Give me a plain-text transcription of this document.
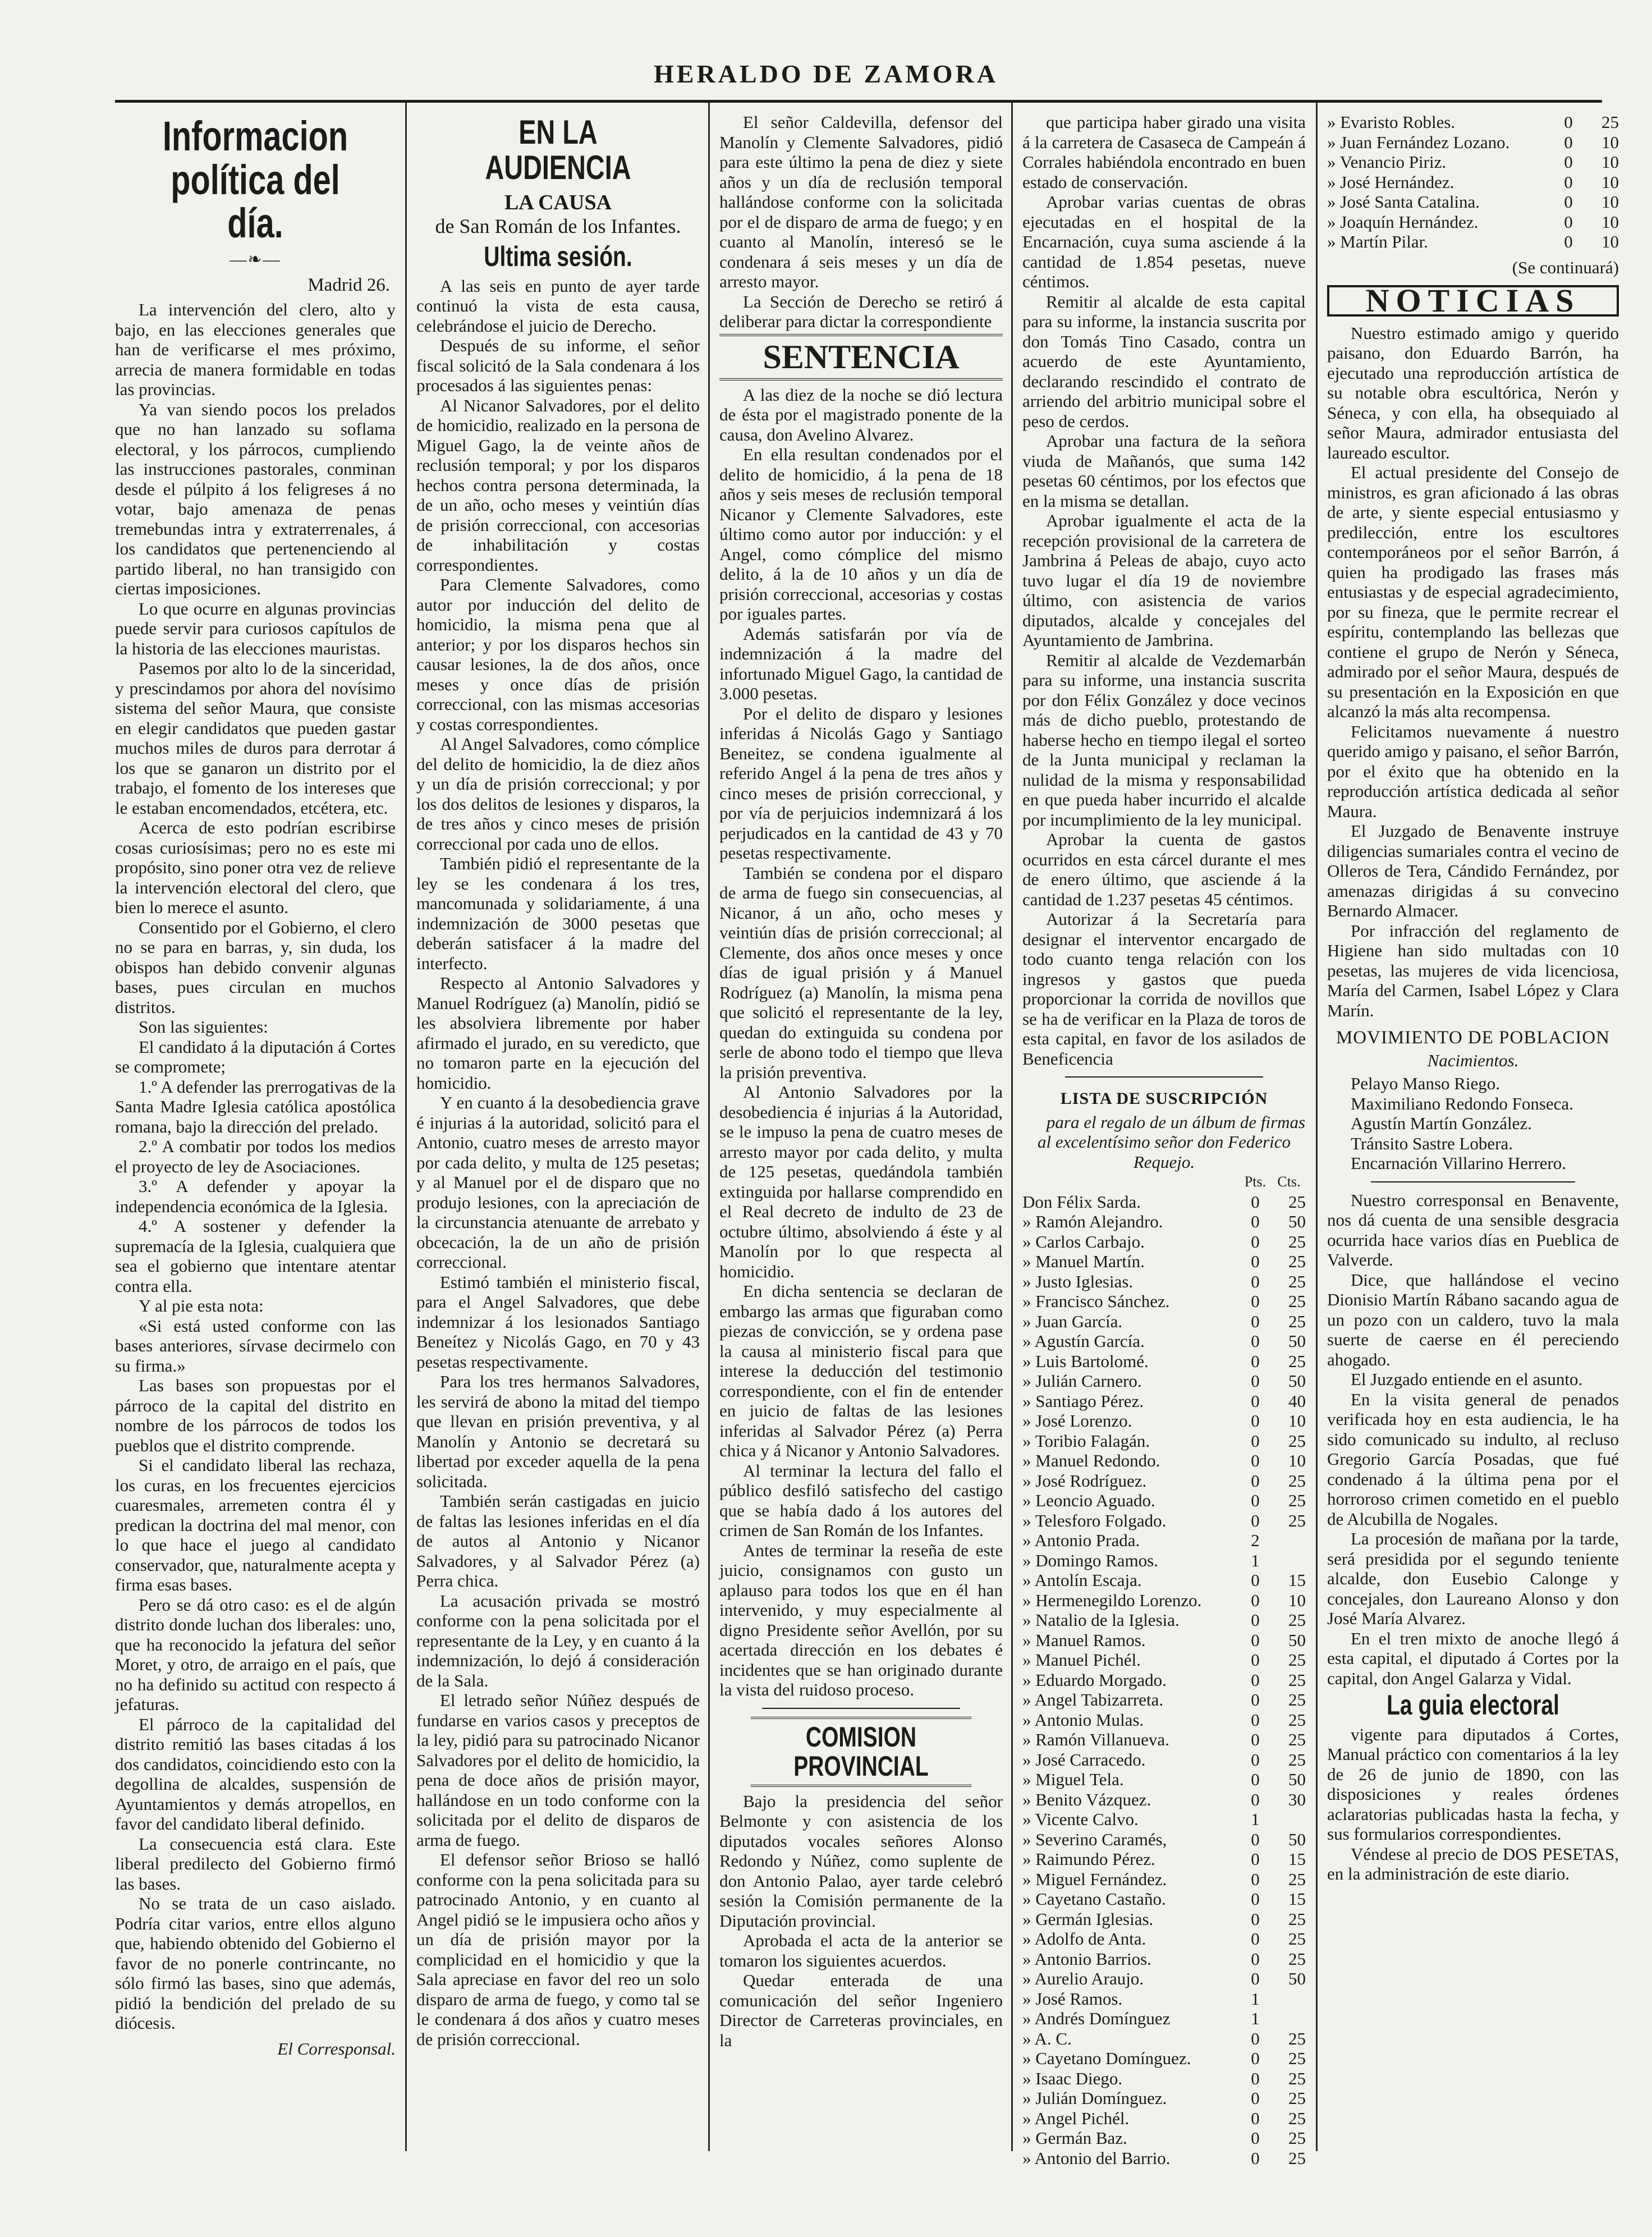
HERALDO DE ZAMORA
Informacion política del día.
—❧—
Madrid 26.

La intervención del clero, alto y bajo, en las elecciones generales que han de verificarse el mes próximo, arrecia de manera formidable en todas las provincias.

Ya van siendo pocos los prelados que no han lanzado su soflama electoral, y los párrocos, cumpliendo las instrucciones pastorales, conminan desde el púlpito á los feligreses á no votar, bajo amenaza de penas tremebundas intra y extraterrenales, á los candidatos que pertenenciendo al partido liberal, no han transigido con ciertas imposiciones.

Lo que ocurre en algunas provincias puede servir para curiosos capítulos de la historia de las elecciones mauristas.

Pasemos por alto lo de la sinceridad, y prescindamos por ahora del novísimo sistema del señor Maura, que consiste en elegir candidatos que pueden gastar muchos miles de duros para derrotar á los que se ganaron un distrito por el trabajo, el fomento de los intereses que le estaban encomendados, etcétera, etc.

Acerca de esto podrían escribirse cosas curiosísimas; pero no es este mi propósito, sino poner otra vez de relieve la intervención electoral del clero, que bien lo merece el asunto.

Consentido por el Gobierno, el clero no se para en barras, y, sin duda, los obispos han debido convenir algunas bases, pues circulan en muchos distritos.

Son las siguientes:

El candidato á la diputación á Cortes se compromete;

1.º A defender las prerrogativas de la Santa Madre Iglesia católica apostólica romana, bajo la dirección del prelado.

2.º A combatir por todos los medios el proyecto de ley de Asociaciones.

3.º A defender y apoyar la independencia económica de la Iglesia.

4.º A sostener y defender la supremacía de la Iglesia, cualquiera que sea el gobierno que intentare atentar contra ella.

Y al pie esta nota:

«Si está usted conforme con las bases anteriores, sírvase decirmelo con su firma.»

Las bases son propuestas por el párroco de la capital del distrito en nombre de los párrocos de todos los pueblos que el distrito comprende.

Si el candidato liberal las rechaza, los curas, en los frecuentes ejercicios cuaresmales, arremeten contra él y predican la doctrina del mal menor, con lo que hace el juego al candidato conservador, que, naturalmente acepta y firma esas bases.

Pero se dá otro caso: es el de algún distrito donde luchan dos liberales: uno, que ha reconocido la jefatura del señor Moret, y otro, de arraigo en el país, que no ha definido su actitud con respecto á jefaturas.

El párroco de la capitalidad del distrito remitió las bases citadas á los dos candidatos, coincidiendo esto con la degollina de alcaldes, suspensión de Ayuntamientos y demás atropellos, en favor del candidato liberal definido.

La consecuencia está clara. Este liberal predilecto del Gobierno firmó las bases.

No se trata de un caso aislado. Podría citar varios, entre ellos alguno que, habiendo obtenido del Gobierno el favor de no ponerle contrincante, no sólo firmó las bases, sino que además, pidió la bendición del prelado de su diócesis.

El Corresponsal.
EN LA AUDIENCIA
LA CAUSA
de San Román de los Infantes.
Ultima sesión.

A las seis en punto de ayer tarde continuó la vista de esta causa, celebrándose el juicio de Derecho.

Después de su informe, el señor fiscal solicitó de la Sala condenara á los procesados á las siguientes penas:

Al Nicanor Salvadores, por el delito de homicidio, realizado en la persona de Miguel Gago, la de veinte años de reclusión temporal; y por los disparos hechos contra persona determinada, la de un año, ocho meses y veintiún días de prisión correccional, con accesorias de inhabilitación y costas correspondientes.

Para Clemente Salvadores, como autor por inducción del delito de homicidio, la misma pena que al anterior; y por los disparos hechos sin causar lesiones, la de dos años, once meses y once días de prisión correccional, con las mismas accesorias y costas correspondientes.

Al Angel Salvadores, como cómplice del delito de homicidio, la de diez años y un día de prisión correccional; y por los dos delitos de lesiones y disparos, la de tres años y cinco meses de prisión correccional por cada uno de ellos.

También pidió el representante de la ley se les condenara á los tres, mancomunada y solidariamente, á una indemnización de 3000 pesetas que deberán satisfacer á la madre del interfecto.

Respecto al Antonio Salvadores y Manuel Rodríguez (a) Manolín, pidió se les absolviera libremente por haber afirmado el jurado, en su veredicto, que no tomaron parte en la ejecución del homicidio.

Y en cuanto á la desobediencia grave é injurias á la autoridad, solicitó para el Antonio, cuatro meses de arresto mayor por cada delito, y multa de 125 pesetas; y al Manuel por el de disparo que no produjo lesiones, con la apreciación de la circunstancia atenuante de arrebato y obcecación, la de un año de prisión correccional.

Estimó también el ministerio fiscal, para el Angel Salvadores, que debe indemnizar á los lesionados Santiago Beneítez y Nicolás Gago, en 70 y 43 pesetas respectivamente.

Para los tres hermanos Salvadores, les servirá de abono la mitad del tiempo que llevan en prisión preventiva, y al Manolín y Antonio se decretará su libertad por exceder aquella de la pena solicitada.

También serán castigadas en juicio de faltas las lesiones inferidas en el día de autos al Antonio y Nicanor Salvadores, y al Salvador Pérez (a) Perra chica.

La acusación privada se mostró conforme con la pena solicitada por el representante de la Ley, y en cuanto á la indemnización, lo dejó á consideración de la Sala.

El letrado señor Núñez después de fundarse en varios casos y preceptos de la ley, pidió para su patrocinado Nicanor Salvadores por el delito de homicidio, la pena de doce años de prisión mayor, hallándose en un todo conforme con la solicitada por el delito de disparos de arma de fuego.

El defensor señor Brioso se halló conforme con la pena solicitada para su patrocinado Antonio, y en cuanto al Angel pidió se le impusiera ocho años y un día de prisión mayor por la complicidad en el homicidio y que la Sala apreciase en favor del reo un solo disparo de arma de fuego, y como tal se le condenara á dos años y cuatro meses de prisión correccional.

El señor Caldevilla, defensor del Manolín y Clemente Salvadores, pidió para este último la pena de diez y siete años y un día de reclusión temporal hallándose conforme con la solicitada por el de disparo de arma de fuego; y en cuanto al Manolín, interesó se le condenara á seis meses y un día de arresto mayor.

La Sección de Derecho se retiró á deliberar para dictar la correspondiente

SENTENCIA

A las diez de la noche se dió lectura de ésta por el magistrado ponente de la causa, don Avelino Alvarez.

En ella resultan condenados por el delito de homicidio, á la pena de 18 años y seis meses de reclusión temporal Nicanor y Clemente Salvadores, este último como autor por inducción: y el Angel, como cómplice del mismo delito, á la de 10 años y un día de prisión correccional, accesorias y costas por iguales partes.

Además satisfarán por vía de indemnización á la madre del infortunado Miguel Gago, la cantidad de 3.000 pesetas.

Por el delito de disparo y lesiones inferidas á Nicolás Gago y Santiago Beneitez, se condena igualmente al referido Angel á la pena de tres años y cinco meses de prisión correccional, y por vía de perjuicios indemnizará á los perjudicados en la cantidad de 43 y 70 pesetas respectivamente.

También se condena por el disparo de arma de fuego sin consecuencias, al Nicanor, á un año, ocho meses y veintiún días de prisión correccional; al Clemente, dos años once meses y once días de igual prisión y á Manuel Rodríguez (a) Manolín, la misma pena que solicitó el representante de la ley, quedan do extinguida su condena por serle de abono todo el tiempo que lleva la prisión preventiva.

Al Antonio Salvadores por la desobediencia é injurias á la Autoridad, se le impuso la pena de cuatro meses de arresto mayor por cada delito, y multa de 125 pesetas, quedándola también extinguida por hallarse comprendido en el Real decreto de indulto de 23 de octubre último, absolviendo á éste y al Manolín por lo que respecta al homicidio.

En dicha sentencia se declaran de embargo las armas que figuraban como piezas de convicción, se y ordena pase la causa al ministerio fiscal para que interese la deducción del testimonio correspondiente, con el fin de entender en juicio de faltas de las lesiones inferidas al Salvador Pérez (a) Perra chica y á Nicanor y Antonio Salvadores.

Al terminar la lectura del fallo el público desfiló satisfecho del castigo que se había dado á los autores del crimen de San Román de los Infantes.

Antes de terminar la reseña de este juicio, consignamos con gusto un aplauso para todos los que en él han intervenido, y muy especialmente al digno Presidente señor Avellón, por su acertada dirección en los debates é incidentes que se han originado durante la vista del ruidoso proceso.

COMISION PROVINCIAL

Bajo la presidencia del señor Belmonte y con asistencia de los diputados vocales señores Alonso Redondo y Núñez, como suplente de don Antonio Palao, ayer tarde celebró sesión la Comisión permanente de la Diputación provincial.

Aprobada el acta de la anterior se tomaron los siguientes acuerdos.

Quedar enterada de una comunicación del señor Ingeniero Director de Carreteras provinciales, en la

que participa haber girado una visita á la carretera de Casaseca de Campeán á Corrales habiéndola encontrado en buen estado de conservación.

Aprobar varias cuentas de obras ejecutadas en el hospital de la Encarnación, cuya suma asciende á la cantidad de 1.854 pesetas, nueve céntimos.

Remitir al alcalde de esta capital para su informe, la instancia suscrita por don Tomás Tino Casado, contra un acuerdo de este Ayuntamiento, declarando rescindido el contrato de arriendo del arbitrio municipal sobre el peso de cerdos.

Aprobar una factura de la señora viuda de Mañanós, que suma 142 pesetas 60 céntimos, por los efectos que en la misma se detallan.

Aprobar igualmente el acta de la recepción provisional de la carretera de Jambrina á Peleas de abajo, cuyo acto tuvo lugar el día 19 de noviembre último, con asistencia de varios diputados, alcalde y concejales del Ayuntamiento de Jambrina.

Remitir al alcalde de Vezdemarbán para su informe, una instancia suscrita por don Félix González y doce vecinos más de dicho pueblo, protestando de haberse hecho en tiempo ilegal el sorteo de la Junta municipal y reclaman la nulidad de la misma y responsabilidad en que pueda haber incurrido el alcalde por incumplimiento de la ley municipal.

Aprobar la cuenta de gastos ocurridos en esta cárcel durante el mes de enero último, que asciende á la cantidad de 1.237 pesetas 45 céntimos.

Autorizar á la Secretaría para designar el interventor encargado de todo cuanto tenga relación con los ingresos y gastos que pueda proporcionar la corrida de novillos que se ha de verificar en la Plaza de toros de esta capital, en favor de los asilados de Beneficencia

LISTA DE SUSCRIPCIÓN

para el regalo de un álbum de firmas al excelentísimo señor don Federico Requejo.

Pts. Cts.
Don Félix Sarda.	0	25
» Ramón Alejandro.	0	50
» Carlos Carbajo.	0	25
» Manuel Martín.	0	25
» Justo Iglesias.	0	25
» Francisco Sánchez.	0	25
» Juan García.	0	25
» Agustín García.	0	50
» Luis Bartolomé.	0	25
» Julián Carnero.	0	50
» Santiago Pérez.	0	40
» José Lorenzo.	0	10
» Toribio Falagán.	0	25
» Manuel Redondo.	0	10
» José Rodríguez.	0	25
» Leoncio Aguado.	0	25
» Telesforo Folgado.	0	25
» Antonio Prada.	2
» Domingo Ramos.	1
» Antolín Escaja.	0	15
» Hermenegildo Lorenzo.	0	10
» Natalio de la Iglesia.	0	25
» Manuel Ramos.	0	50
» Manuel Pichél.	0	25
» Eduardo Morgado.	0	25
» Angel Tabizarreta.	0	25
» Antonio Mulas.	0	25
» Ramón Villanueva.	0	25
» José Carracedo.	0	25
» Miguel Tela.	0	50
» Benito Vázquez.	0	30
» Vicente Calvo.	1
» Severino Caramés,	0	50
» Raimundo Pérez.	0	15
» Miguel Fernández.	0	25
» Cayetano Castaño.	0	15
» Germán Iglesias.	0	25
» Adolfo de Anta.	0	25
» Antonio Barrios.	0	25
» Aurelio Araujo.	0	50
» José Ramos.	1
» Andrés Domínguez	1
» A. C.	0	25
» Cayetano Domínguez.	0	25
» Isaac Diego.	0	25
» Julián Domínguez.	0	25
» Angel Pichél.	0	25
» Germán Baz.	0	25
» Antonio del Barrio.	0	25
» Evaristo Robles.	0	25
» Juan Fernández Lozano.	0	10
» Venancio Piriz.	0	10
» José Hernández.	0	10
» José Santa Catalina.	0	10
» Joaquín Hernández.	0	10
» Martín Pilar.	0	10
(Se continuará)
NOTICIAS

Nuestro estimado amigo y querido paisano, don Eduardo Barrón, ha ejecutado una reproducción artística de su notable obra escultórica, Nerón y Séneca, y con ella, ha obsequiado al señor Maura, admirador entusiasta del laureado escultor.

El actual presidente del Consejo de ministros, es gran aficionado á las obras de arte, y siente especial entusiasmo y predilección, entre los escultores contemporáneos por el señor Barrón, á quien ha prodigado las frases más entusiastas y de especial agradecimiento, por su fineza, que le permite recrear el espíritu, contemplando las bellezas que contiene el grupo de Nerón y Séneca, admirado por el señor Maura, después de su presentación en la Exposición en que alcanzó la más alta recompensa.

Felicitamos nuevamente á nuestro querido amigo y paisano, el señor Barrón, por el éxito que ha obtenido en la reproducción artística dedicada al señor Maura.

El Juzgado de Benavente instruye diligencias sumariales contra el vecino de Olleros de Tera, Cándido Fernández, por amenazas dirigidas á su convecino Bernardo Almacer.

Por infracción del reglamento de Higiene han sido multadas con 10 pesetas, las mujeres de vida licenciosa, María del Carmen, Isabel López y Clara Marín.

MOVIMIENTO DE POBLACION
Nacimientos.

Pelayo Manso Riego.

Maximiliano Redondo Fonseca.

Agustín Martín González.

Tránsito Sastre Lobera.

Encarnación Villarino Herrero.

Nuestro corresponsal en Benavente, nos dá cuenta de una sensible desgracia ocurrida hace varios días en Pueblica de Valverde.

Dice, que hallándose el vecino Dionisio Martín Rábano sacando agua de un pozo con un caldero, tuvo la mala suerte de caerse en él pereciendo ahogado.

El Juzgado entiende en el asunto.

En la visita general de penados verificada hoy en esta audiencia, le ha sido comunicado su indulto, al recluso Gregorio García Posadas, que fué condenado á la última pena por el horroroso crimen cometido en el pueblo de Alcubilla de Nogales.

La procesión de mañana por la tarde, será presidida por el segundo teniente alcalde, don Eusebio Calonge y concejales, don Laureano Alonso y don José María Alvarez.

En el tren mixto de anoche llegó á esta capital, el diputado á Cortes por la capital, don Angel Galarza y Vidal.

La guia electoral

vigente para diputados á Cortes, Manual práctico con comentarios á la ley de 26 de junio de 1890, con las disposiciones y reales órdenes aclaratorias publicadas hasta la fecha, y sus formularios correspondientes.

Véndese al precio de DOS PESETAS, en la administración de este diario.
